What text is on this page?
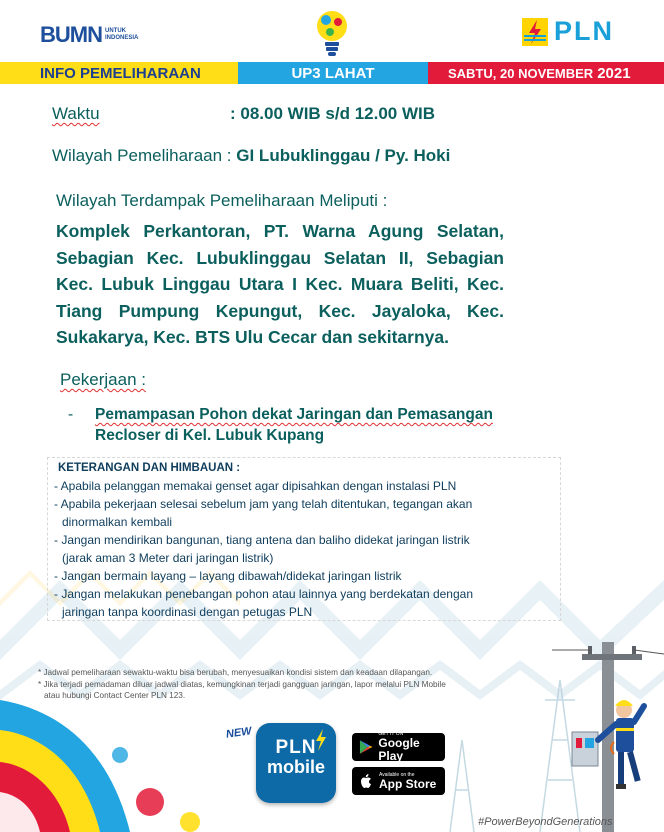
BUMN UNTUK
INDONESIA	PLN
INFO PEMELIHARAAN	UP3 LAHAT	SABTU, 20 NOVEMBER 2021
Waktu	: 08.00 WIB s/d 12.00 WIB
Wilayah Pemeliharaan : GI Lubuklinggau / Py. Hoki
Wilayah Terdampak Pemeliharaan Meliputi :
Komplek Perkantoran, PT. Warna Agung Selatan, Sebagian Kec. Lubuklinggau Selatan II, Sebagian Kec. Lubuk Linggau Utara I Kec. Muara Beliti, Kec. Tiang Pumpung Kepungut, Kec. Jayaloka, Kec. Sukakarya, Kec. BTS Ulu Cecar dan sekitarnya.
Pekerjaan :
- Pemampasan Pohon dekat Jaringan dan Pemasangan
Recloser di Kel. Lubuk Kupang
KETERANGAN DAN HIMBAUAN :
- Apabila pelanggan memakai genset agar dipisahkan dengan instalasi PLN
- Apabila pekerjaan selesai sebelum jam yang telah ditentukan, tegangan akan
dinormalkan kembali
- Jangan mendirikan bangunan, tiang antena dan baliho didekat jaringan listrik
(jarak aman 3 Meter dari jaringan listrik)
- Jangan bermain layang – layang dibawah/didekat jaringan listrik
- Jangan melakukan penebangan pohon atau lainnya yang berdekatan dengan
jaringan tanpa koordinasi dengan petugas PLN
* Jadwal pemeliharaan sewaktu-waktu bisa berubah, menyesuaikan kondisi sistem dan keadaan dilapangan.
* Jika terjadi pemadaman diluar jadwal diatas, kemungkinan terjadi gangguan jaringan, lapor melalui PLN Mobile
atau hubungi Contact Center PLN 123.
NEW
PLN
mobile
GET IT ON
Google Play
Available on the
App Store
#PowerBeyondGenerations
